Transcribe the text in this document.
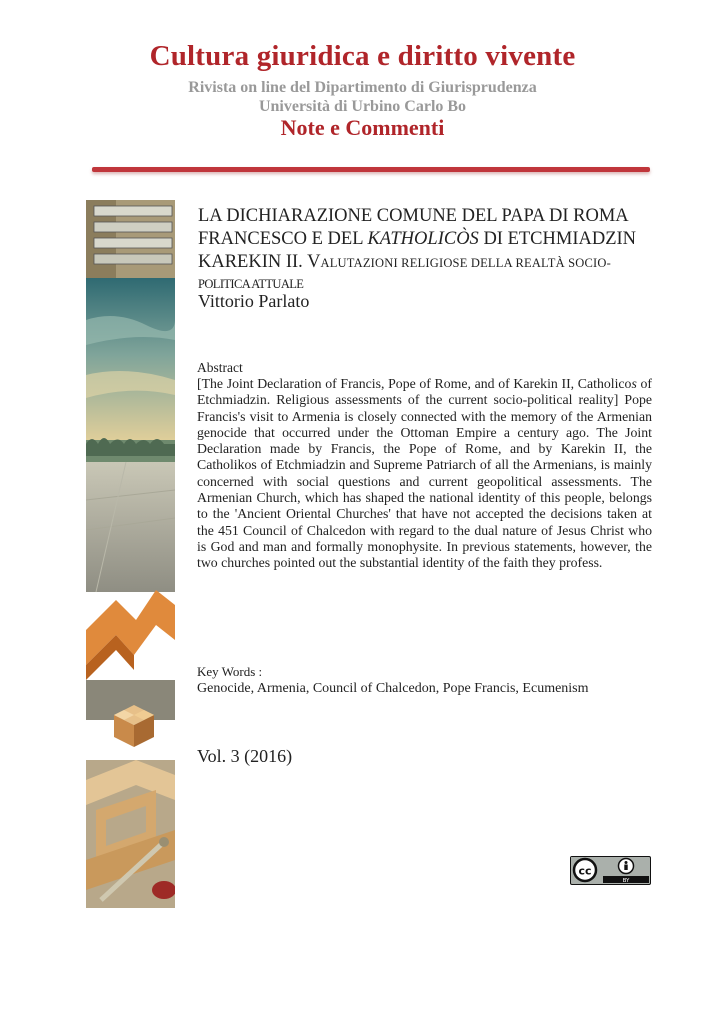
Cultura giuridica e diritto vivente
Rivista on line del Dipartimento di Giurisprudenza
Università di Urbino Carlo Bo
Note e Commenti
LA DICHIARAZIONE COMUNE DEL PAPA DI ROMA
FRANCESCO E DEL KATHOLICÒS DI ETCHMIADZIN
KAREKIN II. VALUTAZIONI RELIGIOSE DELLA REALTÀ SOCIO-
POLITICA ATTUALE
Vittorio Parlato
Abstract
[The Joint Declaration of Francis, Pope of Rome, and of Karekin II, Catholicos of Etchmiadzin. Religious assessments of the current socio-political reality] Pope Francis's visit to Armenia is closely connected with the memory of the Armenian genocide that occurred under the Ottoman Empire a century ago. The Joint Declaration made by Francis, the Pope of Rome, and by Karekin II, the Catholikos of Etchmiadzin and Supreme Patriarch of all the Armenians, is mainly concerned with social questions and current geopolitical assessments. The Armenian Church, which has shaped the national identity of this people, belongs to the 'Ancient Oriental Churches' that have not accepted the decisions taken at the 451 Council of Chalcedon with regard to the dual nature of Jesus Christ who is God and man and formally monophysite. In previous statements, however, the two churches pointed out the substantial identity of the faith they profess.
Key Words :
Genocide, Armenia, Council of Chalcedon, Pope Francis, Ecumenism
Vol. 3 (2016)
cc
BY
